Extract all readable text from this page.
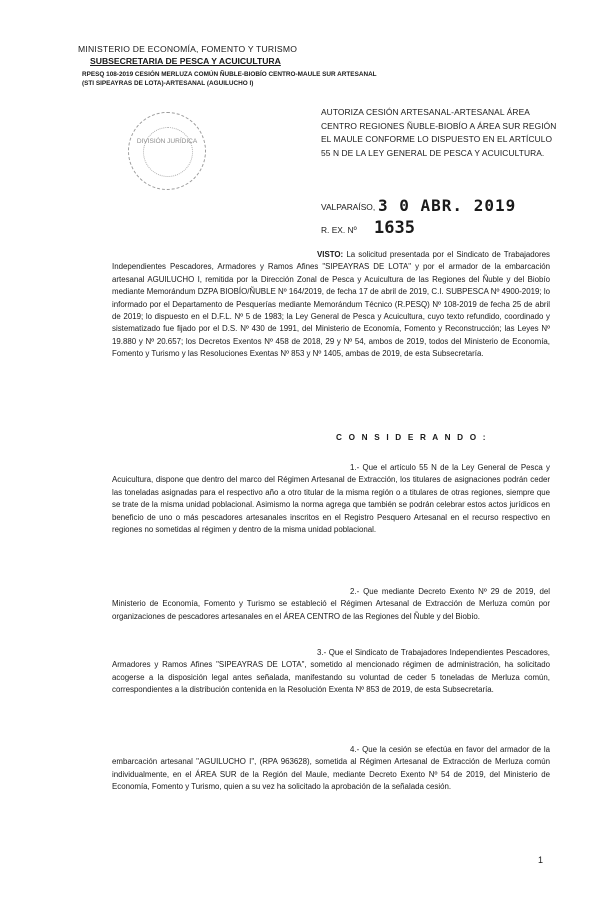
MINISTERIO DE ECONOMÍA, FOMENTO Y TURISMO
SUBSECRETARIA DE PESCA Y ACUICULTURA
RPESQ 108-2019 CESIÓN MERLUZA COMÚN ÑUBLE-BIOBÍO CENTRO-MAULE SUR ARTESANAL (STI SIPEAYRAS DE LOTA)-ARTESANAL (AGUILUCHO I)
DIVISIÓN JURÍDICA
AUTORIZA CESIÓN ARTESANAL-ARTESANAL ÁREA CENTRO REGIONES ÑUBLE-BIOBÍO A ÁREA SUR REGIÓN EL MAULE CONFORME LO DISPUESTO EN EL ARTÍCULO 55 N DE LA LEY GENERAL DE PESCA Y ACUICULTURA.
VALPARAÍSO, 3 0 ABR. 2019
R. EX. Nº 1635
VISTO: La solicitud presentada por el Sindicato de Trabajadores Independientes Pescadores, Armadores y Ramos Afines "SIPEAYRAS DE LOTA" y por el armador de la embarcación artesanal AGUILUCHO I, remitida por la Dirección Zonal de Pesca y Acuicultura de las Regiones del Ñuble y del Biobío mediante Memorándum DZPA BIOBÍO/ÑUBLE Nº 164/2019, de fecha 17 de abril de 2019, C.I. SUBPESCA Nº 4900-2019; lo informado por el Departamento de Pesquerías mediante Memorándum Técnico (R.PESQ) Nº 108-2019 de fecha 25 de abril de 2019; lo dispuesto en el D.F.L. Nº 5 de 1983; la Ley General de Pesca y Acuicultura, cuyo texto refundido, coordinado y sistematizado fue fijado por el D.S. Nº 430 de 1991, del Ministerio de Economía, Fomento y Reconstrucción; las Leyes Nº 19.880 y Nº 20.657; los Decretos Exentos Nº 458 de 2018, 29 y Nº 54, ambos de 2019, todos del Ministerio de Economía, Fomento y Turismo y las Resoluciones Exentas Nº 853 y Nº 1405, ambas de 2019, de esta Subsecretaría.
C O N S I D E R A N D O :
1.- Que el artículo 55 N de la Ley General de Pesca y Acuicultura, dispone que dentro del marco del Régimen Artesanal de Extracción, los titulares de asignaciones podrán ceder las toneladas asignadas para el respectivo año a otro titular de la misma región o a titulares de otras regiones, siempre que se trate de la misma unidad poblacional. Asimismo la norma agrega que también se podrán celebrar estos actos jurídicos en beneficio de uno o más pescadores artesanales inscritos en el Registro Pesquero Artesanal en el recurso respectivo en regiones no sometidas al régimen y dentro de la misma unidad poblacional.
2.- Que mediante Decreto Exento Nº 29 de 2019, del Ministerio de Economía, Fomento y Turismo se estableció el Régimen Artesanal de Extracción de Merluza común por organizaciones de pescadores artesanales en el ÁREA CENTRO de las Regiones del Ñuble y del Biobío.
3.- Que el Sindicato de Trabajadores Independientes Pescadores, Armadores y Ramos Afines "SIPEAYRAS DE LOTA", sometido al mencionado régimen de administración, ha solicitado acogerse a la disposición legal antes señalada, manifestando su voluntad de ceder 5 toneladas de Merluza común, correspondientes a la distribución contenida en la Resolución Exenta Nº 853 de 2019, de esta Subsecretaría.
4.- Que la cesión se efectúa en favor del armador de la embarcación artesanal "AGUILUCHO I", (RPA 963628), sometida al Régimen Artesanal de Extracción de Merluza común individualmente, en el ÁREA SUR de la Región del Maule, mediante Decreto Exento Nº 54 de 2019, del Ministerio de Economía, Fomento y Turismo, quien a su vez ha solicitado la aprobación de la señalada cesión.
1
